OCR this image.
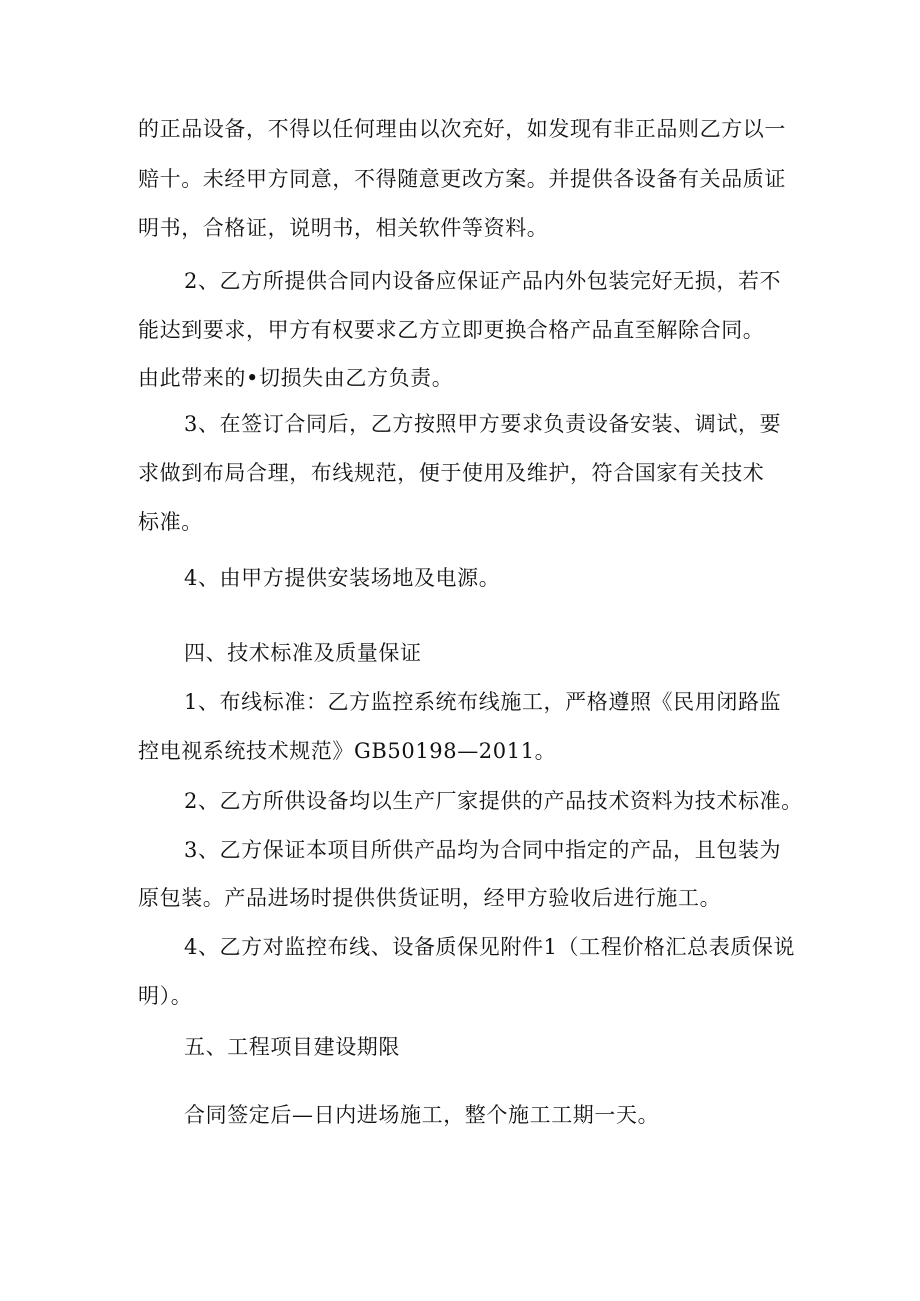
的正品设备，不得以任何理由以次充好，如发现有非正品则乙方以一
赔十。未经甲方同意，不得随意更改方案。并提供各设备有关品质证
明书，合格证，说明书，相关软件等资料。
2、乙方所提供合同内设备应保证产品内外包装完好无损，若不
能达到要求，甲方有权要求乙方立即更换合格产品直至解除合同。
由此带来的•切损失由乙方负责。
3、在签订合同后，乙方按照甲方要求负责设备安装、调试，要
求做到布局合理，布线规范，便于使用及维护，符合国家有关技术
标准。
4、由甲方提供安装场地及电源。
四、技术标准及质量保证
1、布线标准：乙方监控系统布线施工，严格遵照《民用闭路监
控电视系统技术规范》GB50198—2011。
2、乙方所供设备均以生产厂家提供的产品技术资料为技术标准。
3、乙方保证本项目所供产品均为合同中指定的产品，且包装为
原包装。产品进场时提供供货证明，经甲方验收后进行施工。
4、乙方对监控布线、设备质保见附件1（工程价格汇总表质保说
明）。
五、工程项目建设期限
合同签定后—日内进场施工，整个施工工期一天。
